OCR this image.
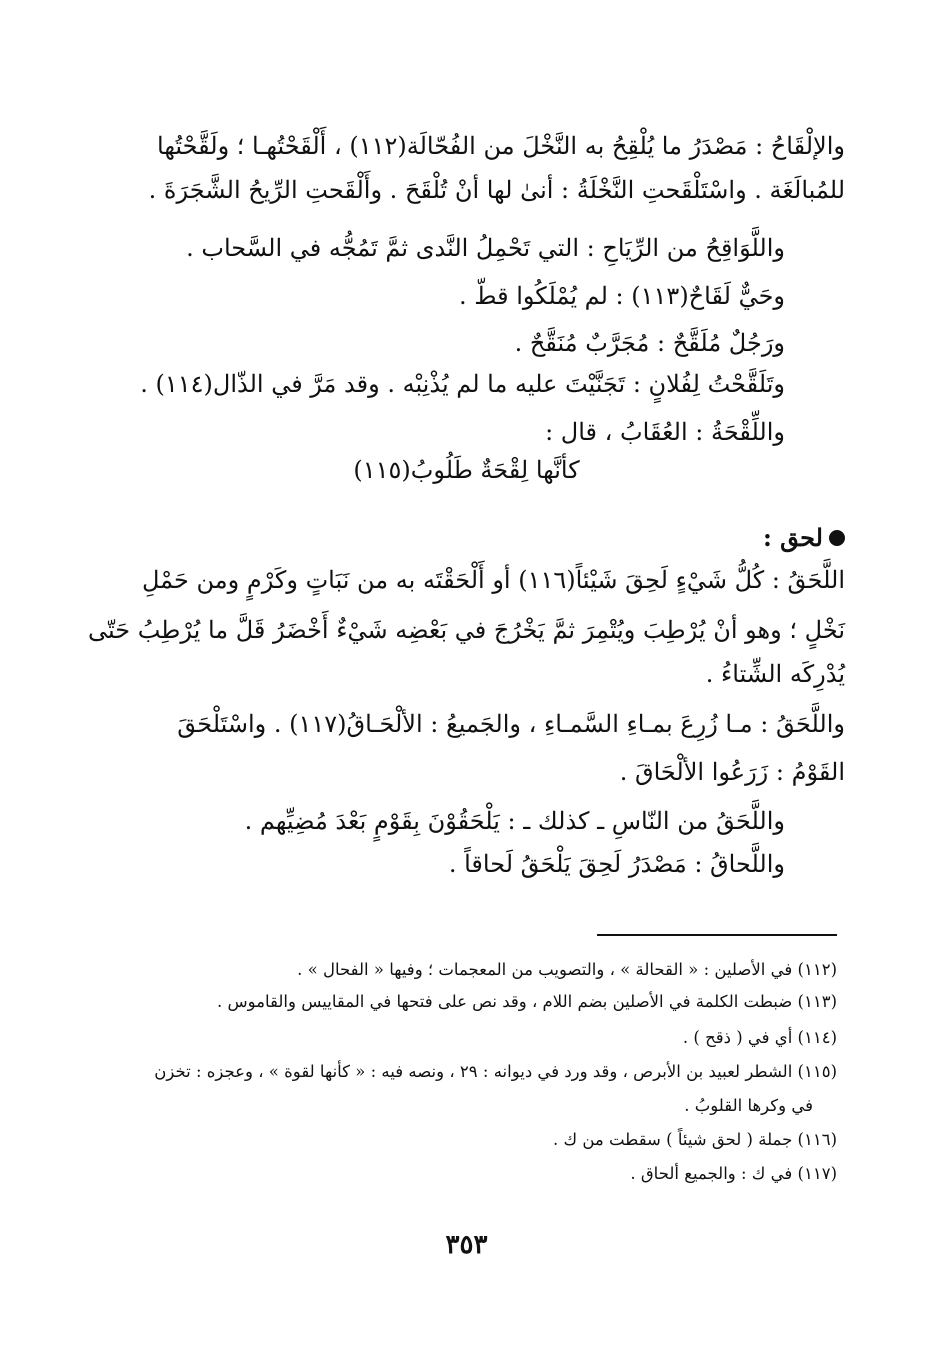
والإلْقَاحُ : مَصْدَرُ ما يُلْقِحُ به النَّخْلَ من الفُحّالَة(١١٢) ، أَلْقَحْتُهـا ؛ ولَقَّحْتُها
للمُبالَغَة . واسْتَلْقَحتِ النَّخْلَةُ : أنىٰ لها أنْ تُلْقَحَ . وأَلْقَحتِ الرِّيحُ الشَّجَرَةَ .
واللَّوَاقِحُ من الرِّيَاحِ : التي تَحْمِلُ النَّدى ثمَّ تَمُجُّه في السَّحاب .
وحَيٌّ لَقَاحٌ(١١٣) : لم يُمْلَكُوا قطّ .
ورَجُلٌ مُلَقَّحٌ : مُجَرَّبٌ مُنَقَّحٌ .
وتَلَقَّحْتُ لِفُلانٍ : تَجَنَّيْتَ عليه ما لم يُذْنِبْه . وقد مَرَّ في الذّال(١١٤) .
واللِّقْحَةُ : العُقَابُ ، قال :
كأنَّها لِقْحَةٌ طَلُوبُ(١١٥)
لحق :
اللَّحَقُ : كُلُّ شَيْءٍ لَحِقَ شَيْئاً(١١٦) أو أَلْحَقْتَه به من نَبَاتٍ وكَرْمٍ ومن حَمْلِ
نَخْلٍ ؛ وهو أنْ يُرْطِبَ ويُتْمِرَ ثمَّ يَخْرُجَ في بَعْضِه شَيْءٌ أَخْضَرُ قَلَّ ما يُرْطِبُ حَتّى
يُدْرِكَه الشِّتاءُ .
واللَّحَقُ : مـا زُرِعَ بمـاءِ السَّمـاءِ ، والجَميعُ : الألْحَـاقُ(١١٧) . واسْتَلْحَقَ
القَوْمُ : زَرَعُوا الألْحَاقَ .
واللَّحَقُ من النّاسِ ـ كذلك ـ : يَلْحَقُوْنَ بِقَوْمٍ بَعْدَ مُضِيِّهم .
واللَّحاقُ : مَصْدَرُ لَحِقَ يَلْحَقُ لَحاقاً .
(١١٢) في الأصلين : « القحالة » ، والتصويب من المعجمات ؛ وفيها « الفحال » .
(١١٣) ضبطت الكلمة في الأصلين بضم اللام ، وقد نص على فتحها في المقاييس والقاموس .
(١١٤) أي في ( ذقح ) .
(١١٥) الشطر لعبيد بن الأبرص ، وقد ورد في ديوانه : ٢٩ ، ونصه فيه : « كأنها لقوة » ، وعجزه : تخزن
في وكرها القلوبُ .
(١١٦) جملة ( لحق شيئاً ) سقطت من ك .
(١١٧) في ك : والجميع ألحاق .
٣٥٣
